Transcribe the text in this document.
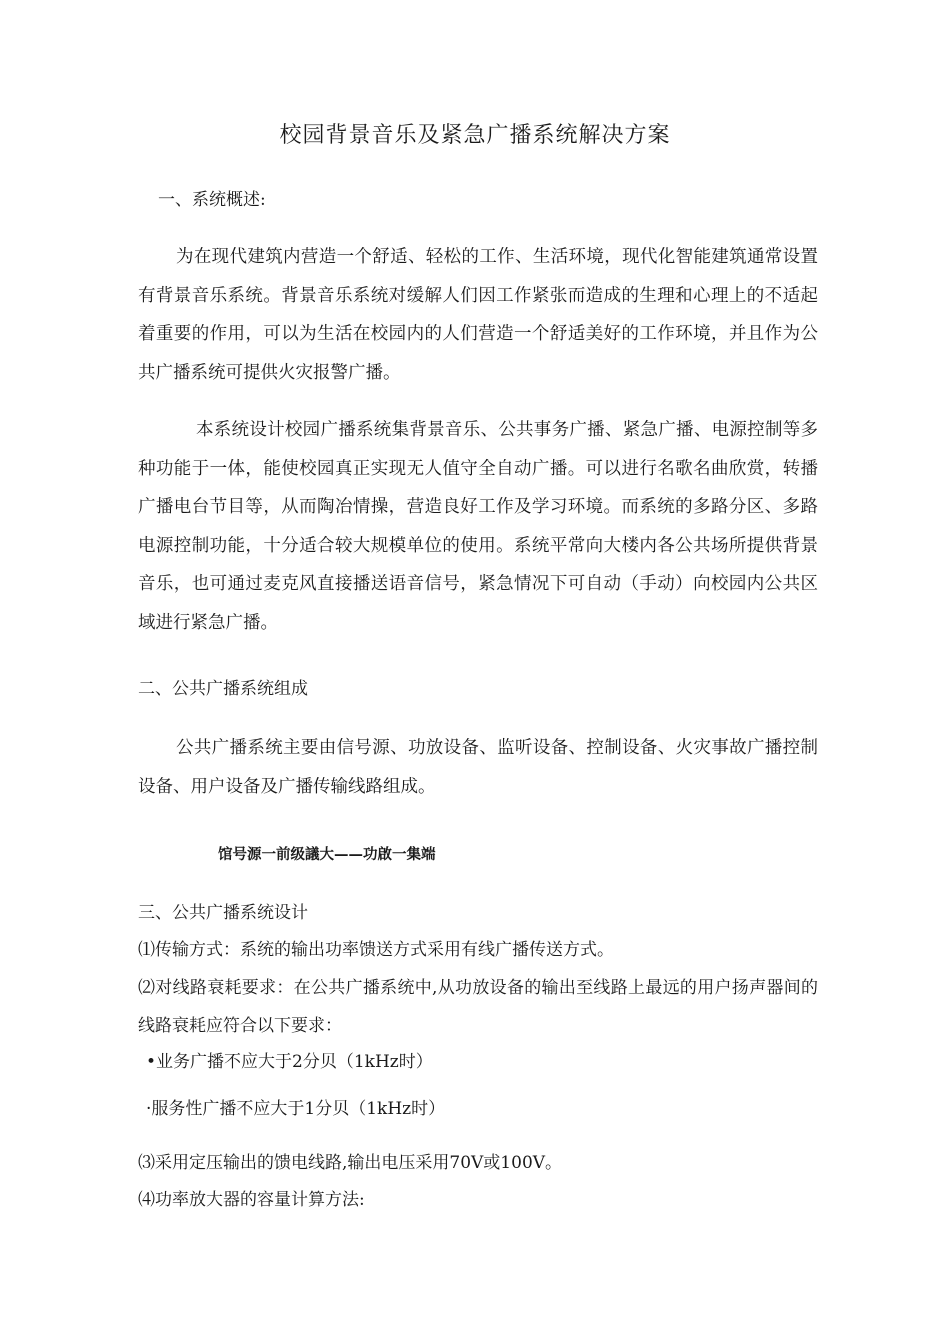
校园背景音乐及紧急广播系统解决方案
一、系统概述:
为在现代建筑内营造一个舒适、轻松的工作、生活环境，现代化智能建筑通常设置有背景音乐系统。背景音乐系统对缓解人们因工作紧张而造成的生理和心理上的不适起着重要的作用，可以为生活在校园内的人们营造一个舒适美好的工作环境，并且作为公共广播系统可提供火灾报警广播。
本系统设计校园广播系统集背景音乐、公共事务广播、紧急广播、电源控制等多种功能于一体，能使校园真正实现无人值守全自动广播。可以进行名歌名曲欣赏，转播广播电台节目等，从而陶冶情操，营造良好工作及学习环境。而系统的多路分区、多路电源控制功能，十分适合较大规模单位的使用。系统平常向大楼内各公共场所提供背景音乐，也可通过麦克风直接播送语音信号，紧急情况下可自动（手动）向校园内公共区域进行紧急广播。
二、公共广播系统组成
公共广播系统主要由信号源、功放设备、监听设备、控制设备、火灾事故广播控制设备、用户设备及广播传输线路组成。
馆号源一前级議大——功啟一集端
三、公共广播系统设计
⑴传输方式：系统的输出功率馈送方式采用有线广播传送方式。
⑵对线路衰耗要求：在公共广播系统中,从功放设备的输出至线路上最远的用户扬声器间的线路衰耗应符合以下要求：
•业务广播不应大于2分贝（1kHz时）
·服务性广播不应大于1分贝（1kHz时）
⑶采用定压输出的馈电线路,输出电压采用70V或100V。
⑷功率放大器的容量计算方法:
